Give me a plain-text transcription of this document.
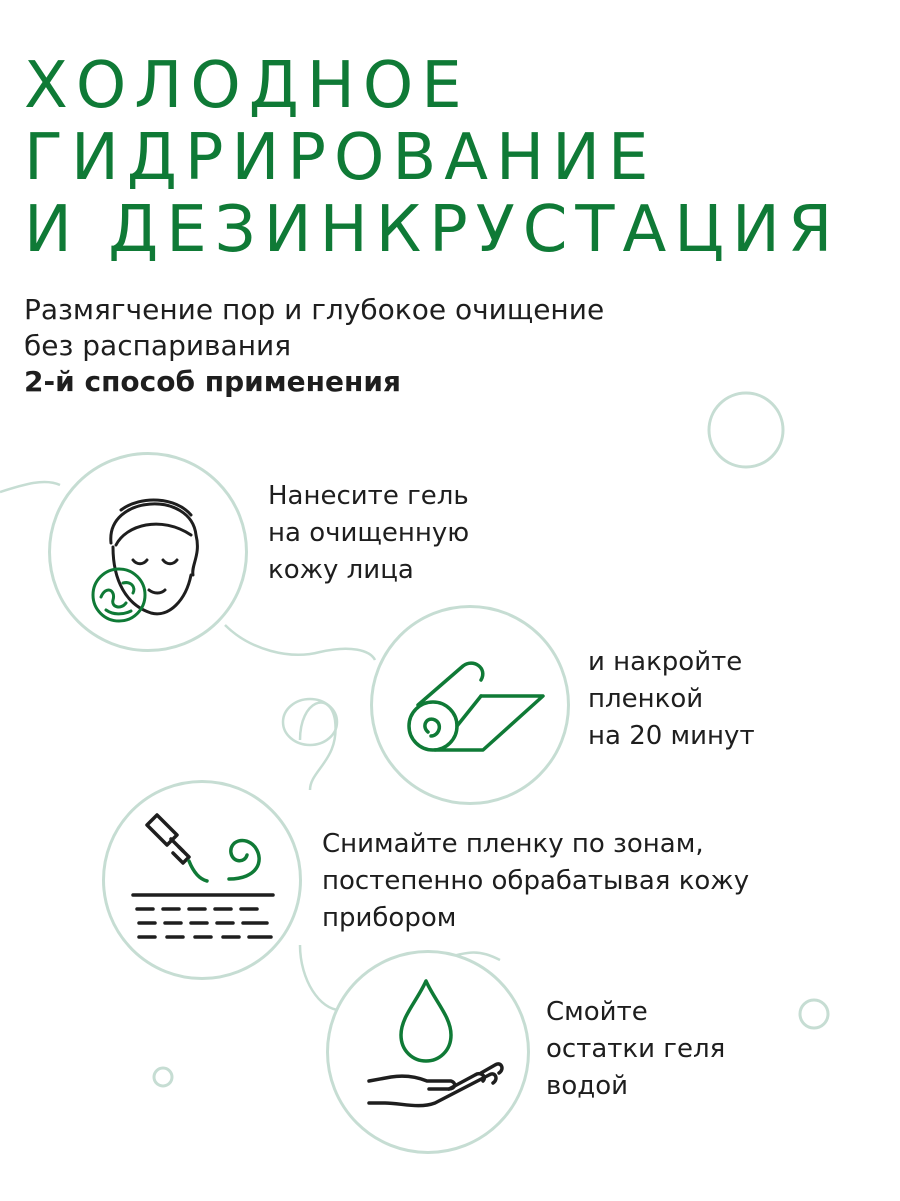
ХОЛОДНОЕ
ГИДРИРОВАНИЕ
И ДЕЗИНКРУСТАЦИЯ

Размягчение пор и глубокое очищение
без распаривания
2-й способ применения

Нанесите гель
на очищенную
кожу лица

и накройте
пленкой
на 20 минут

Снимайте пленку по зонам,
постепенно обрабатывая кожу
прибором

Смойте
остатки геля
водой
